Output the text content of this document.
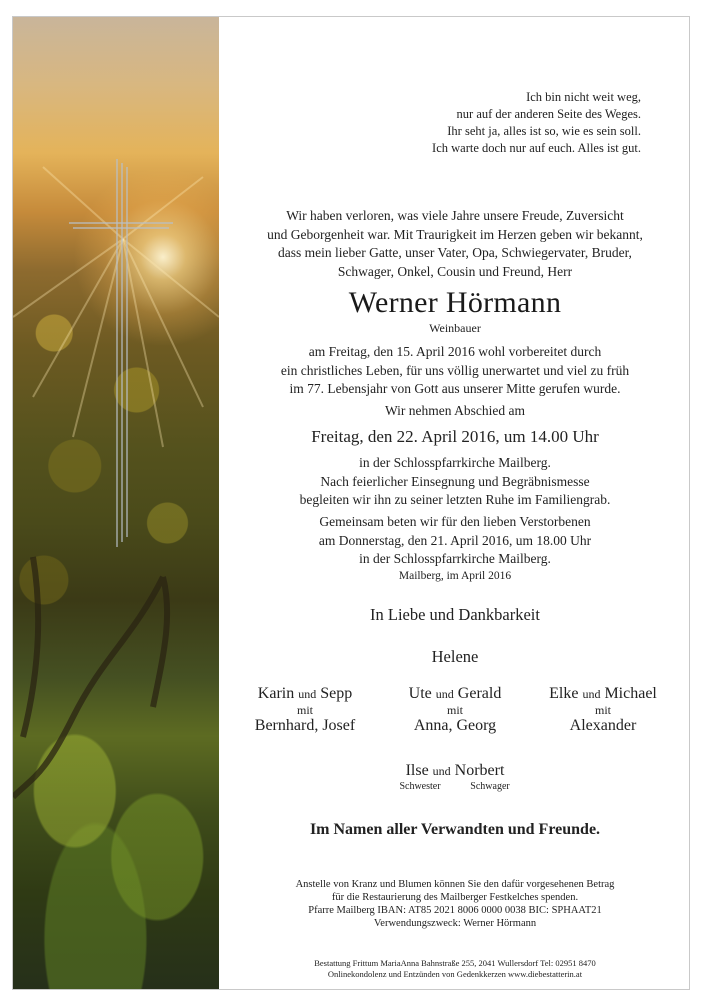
Ich bin nicht weit weg,
nur auf der anderen Seite des Weges.
Ihr seht ja, alles ist so, wie es sein soll.
Ich warte doch nur auf euch. Alles ist gut.
Wir haben verloren, was viele Jahre unsere Freude, Zuversicht
und Geborgenheit war. Mit Traurigkeit im Herzen geben wir bekannt,
dass mein lieber Gatte, unser Vater, Opa, Schwiegervater, Bruder,
Schwager, Onkel, Cousin und Freund, Herr
Werner Hörmann
Weinbauer
am Freitag, den 15. April 2016 wohl vorbereitet durch
ein christliches Leben, für uns völlig unerwartet und viel zu früh
im 77. Lebensjahr von Gott aus unserer Mitte gerufen wurde.
Wir nehmen Abschied am
Freitag, den 22. April 2016, um 14.00 Uhr
in der Schlosspfarrkirche Mailberg.
Nach feierlicher Einsegnung und Begräbnismesse
begleiten wir ihn zu seiner letzten Ruhe im Familiengrab.
Gemeinsam beten wir für den lieben Verstorbenen
am Donnerstag, den 21. April 2016, um 18.00 Uhr
in der Schlosspfarrkirche Mailberg.
Mailberg, im April 2016
In Liebe und Dankbarkeit
Helene
Karin und Sepp
mit
Bernhard, Josef
Ute und Gerald
mit
Anna, Georg
Elke und Michael
mit
Alexander
Ilse und Norbert
Schwester	Schwager
Im Namen aller Verwandten und Freunde.
Anstelle von Kranz und Blumen können Sie den dafür vorgesehenen Betrag
für die Restaurierung des Mailberger Festkelches spenden.
Pfarre Mailberg IBAN: AT85 2021 8006 0000 0038 BIC: SPHAAT21
Verwendungszweck: Werner Hörmann
Bestattung Frittum MariaAnna Bahnstraße 255, 2041 Wullersdorf Tel: 02951 8470
Onlinekondolenz und Entzünden von Gedenkkerzen www.diebestatterin.at
